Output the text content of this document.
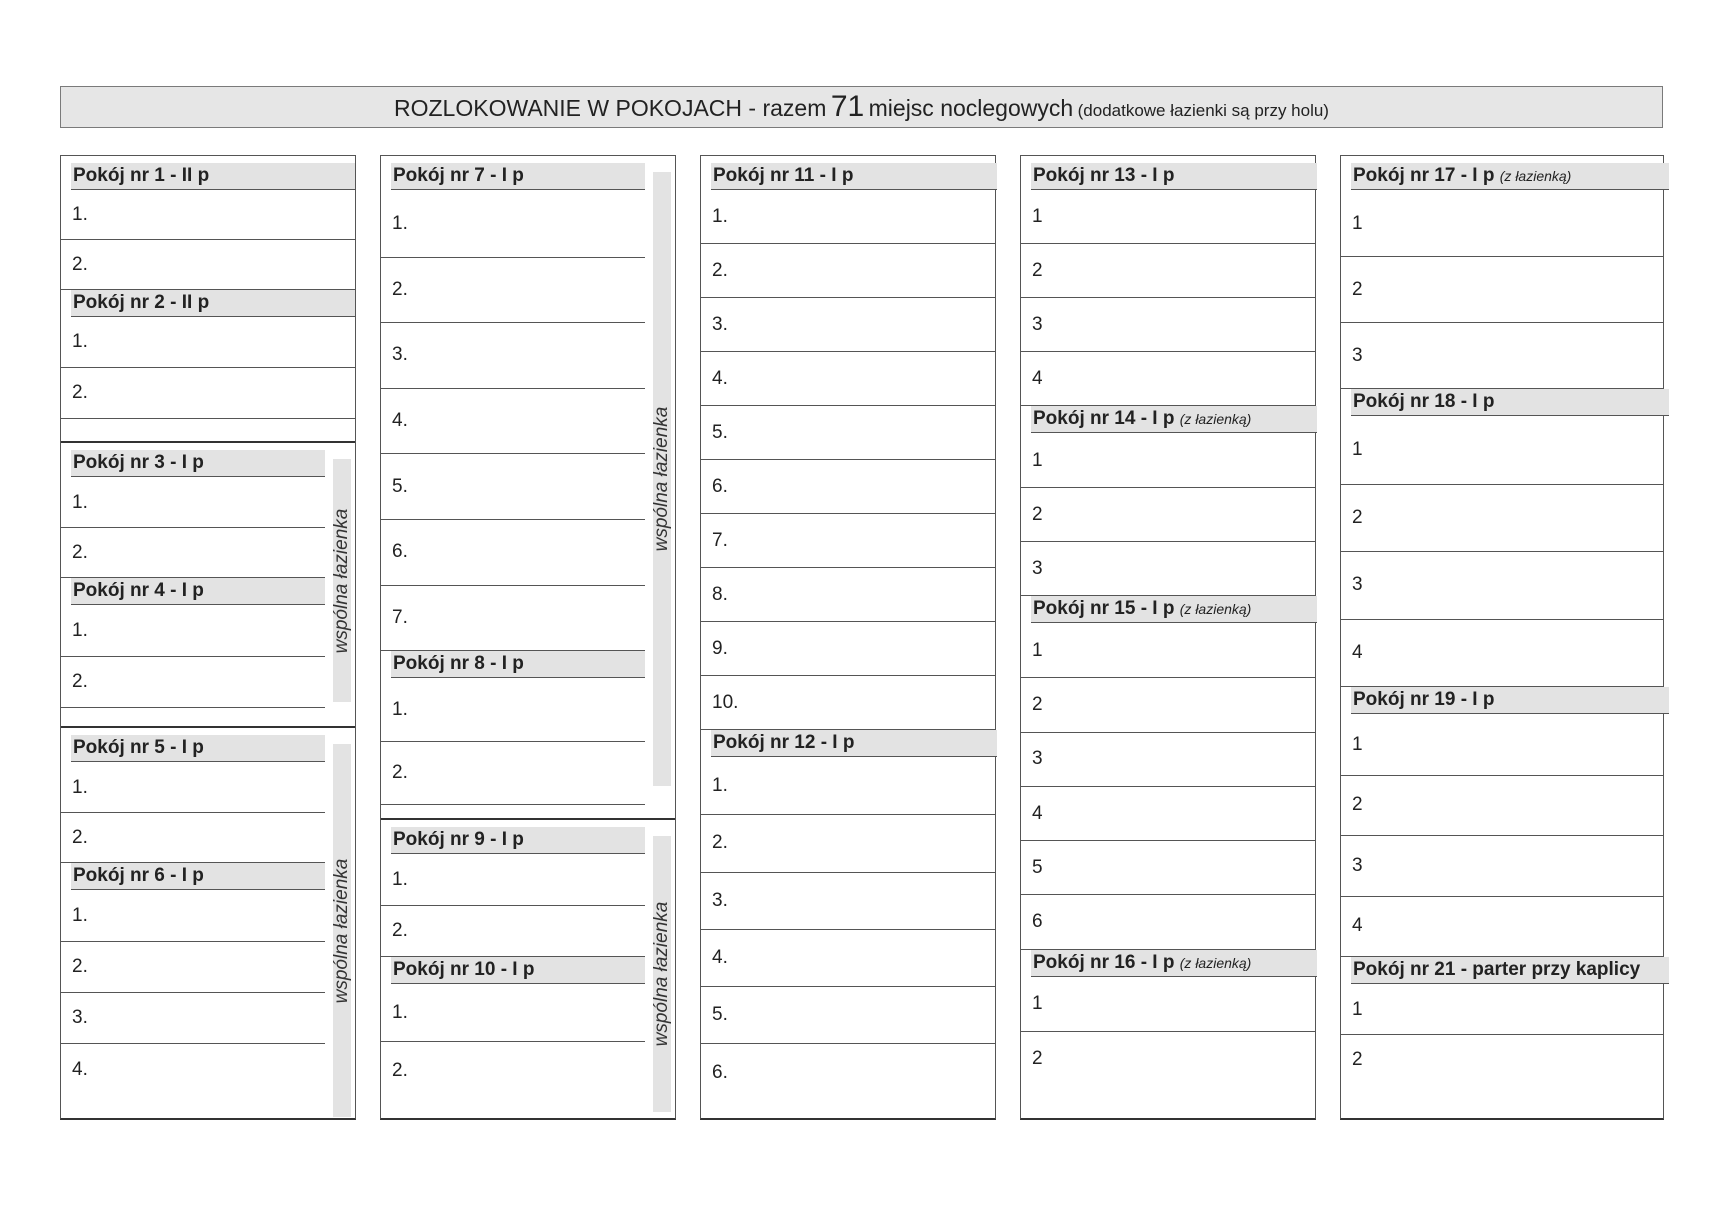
ROZLOKOWANIE W POKOJACH - razem 71 miejsc noclegowych (dodatkowe łazienki są przy holu)
Pokój nr 1 - II p
1.
2.
Pokój nr 2 - II p
1.
2.
Pokój nr 3 - I p
1.
2.
Pokój nr 4 - I p
1.
2.
wspólna łazienka
Pokój nr 5 - I p
1.
2.
Pokój nr 6 - I p
1.
2.
3.
4.
wspólna łazienka
Pokój nr 7 - I p
1.
2.
3.
4.
5.
6.
7.
Pokój nr 8 - I p
1.
2.
wspólna łazienka
Pokój nr 9 - I p
1.
2.
Pokój nr 10 - I p
1.
2.
wspólna łazienka
Pokój nr 11 - I p
1.
2.
3.
4.
5.
6.
7.
8.
9.
10.
Pokój nr 12 - I p
1.
2.
3.
4.
5.
6.
Pokój nr 13 - I p
1
2
3
4
Pokój nr 14 - I p (z łazienką)
1
2
3
Pokój nr 15 - I p (z łazienką)
1
2
3
4
5
6
Pokój nr 16 - I p (z łazienką)
1
2
Pokój nr 17 - I p (z łazienką)
1
2
3
Pokój nr 18 - I p
1
2
3
4
Pokój nr 19 - I p
1
2
3
4
Pokój nr 21 - parter przy kaplicy
1
2
